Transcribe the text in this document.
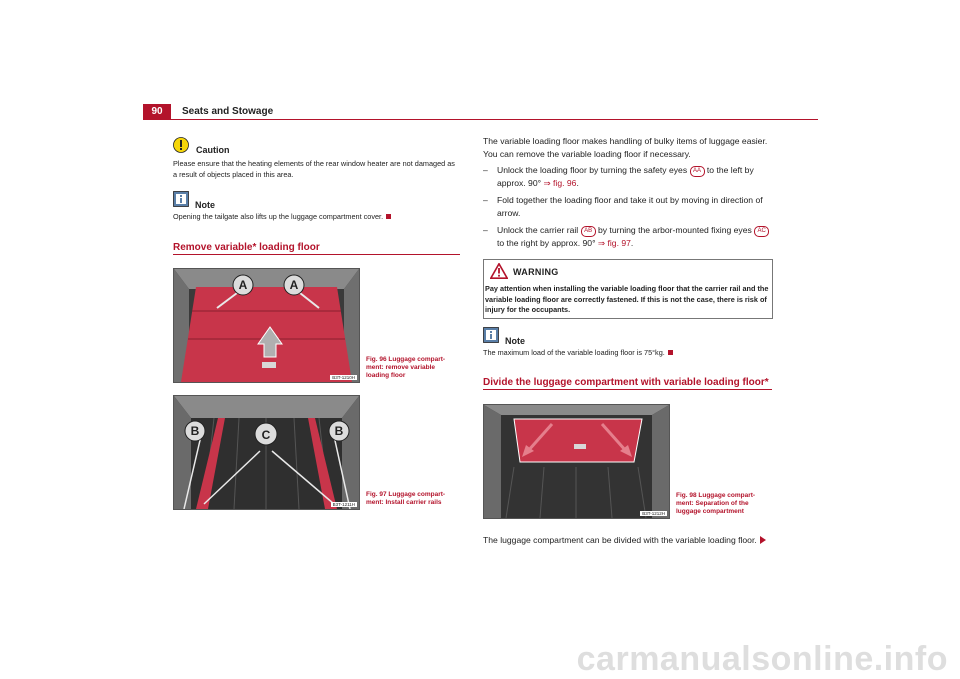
90	Seats and Stowage
Caution
Please ensure that the heating elements of the rear window heater are not damaged as a result of objects placed in this area.
Note
Opening the tailgate also lifts up the luggage compartment cover.
Remove variable* loading floor
A	A
B3T-1210H
Fig. 96 Luggage compart-
ment: remove variable
loading floor
B	B
C
B3T-1211H
Fig. 97 Luggage compart-
ment: Install carrier rails
The variable loading floor makes handling of bulky items of luggage easier. You can remove the variable loading floor if necessary.
– Unlock the loading floor by turning the safety eyes AA to the left by approx. 90° ⇒ fig. 96.
– Fold together the loading floor and take it out by moving in direction of arrow.
– Unlock the carrier rail AB by turning the arbor-mounted fixing eyes AC to the right by approx. 90° ⇒ fig. 97.
WARNING
Pay attention when installing the variable loading floor that the carrier rail and the variable loading floor are correctly fastened. If this is not the case, there is risk of injury for the occupants.
Note
The maximum load of the variable loading floor is 75°kg.
Divide the luggage compartment with variable loading floor*
B3T-1212H
Fig. 98 Luggage compart-
ment: Separation of the
luggage compartment
The luggage compartment can be divided with the variable loading floor.
carmanualsonline.info
